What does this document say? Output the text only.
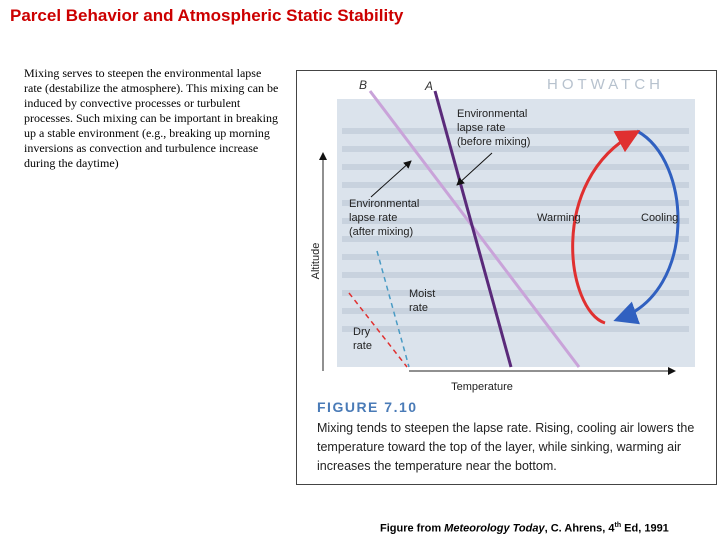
Parcel Behavior and Atmospheric Static Stability
Mixing serves to steepen the environmental lapse rate (destabilize the atmosphere). This mixing can be induced by convective processes or turbulent processes. Such mixing can be important in breaking up a stable environment (e.g., breaking up morning inversions as convection and turbulence increase during the daytime)
HOTWATCH
Altitude
Temperature
B	A
Warming	Cooling
Environmental
lapse rate
(before mixing)
Environmental
lapse rate
(after mixing)
Moist
rate
Dry
rate
FIGURE 7.10
Mixing tends to steepen the lapse rate. Rising, cooling air lowers the temperature toward the top of the layer, while sinking, warming air increases the temperature near the bottom.
Figure from Meteorology Today, C. Ahrens, 4th Ed, 1991
